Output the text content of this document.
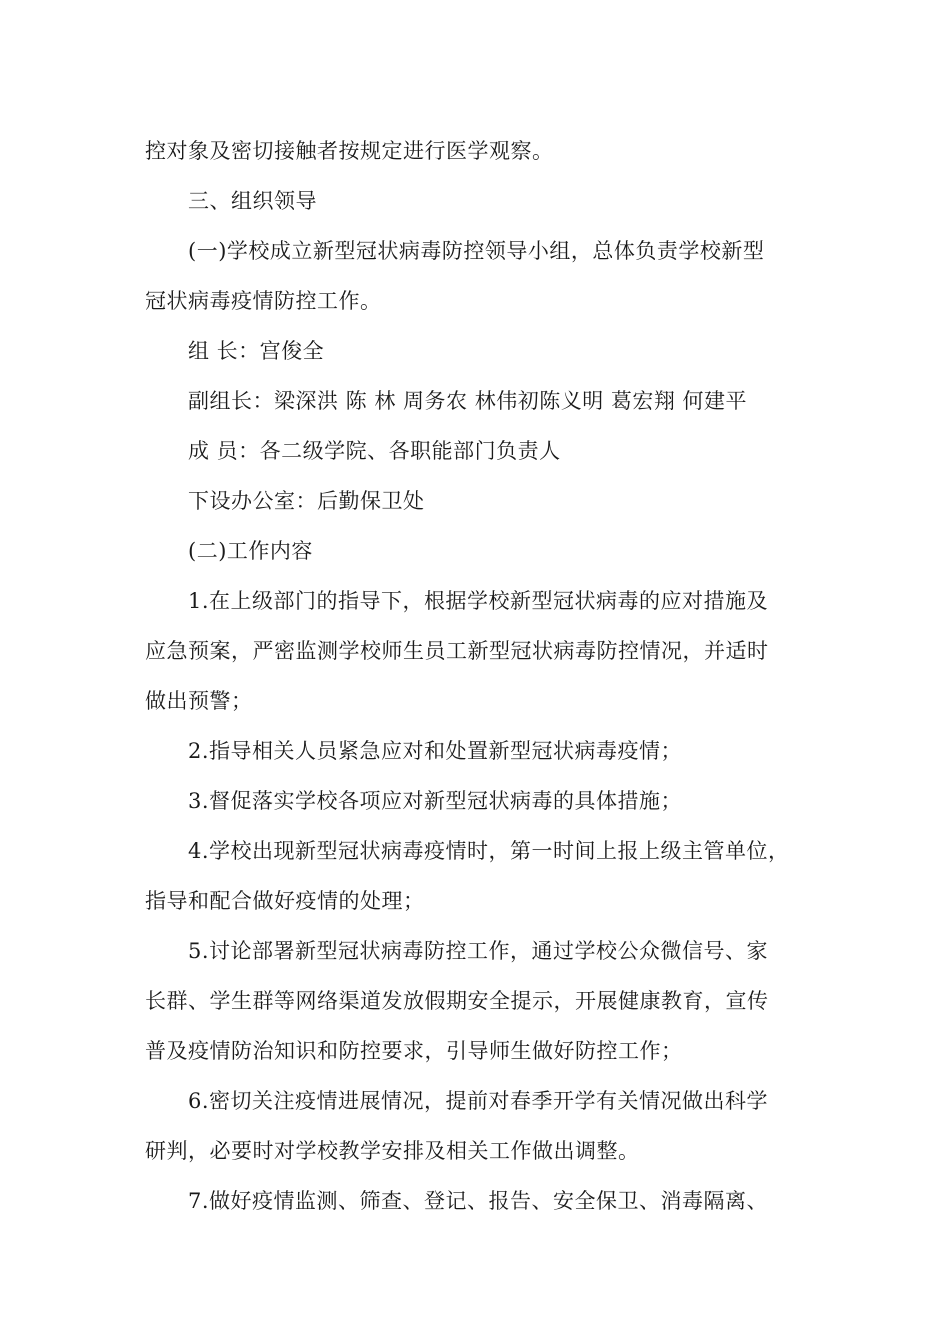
控对象及密切接触者按规定进行医学观察。
三、组织领导
(一)学校成立新型冠状病毒防控领导小组，总体负责学校新型
冠状病毒疫情防控工作。
组 长：宫俊全
副组长：梁深洪 陈 林 周务农 林伟初陈义明 葛宏翔 何建平
成 员：各二级学院、各职能部门负责人
下设办公室：后勤保卫处
(二)工作内容
1.在上级部门的指导下，根据学校新型冠状病毒的应对措施及
应急预案，严密监测学校师生员工新型冠状病毒防控情况，并适时
做出预警；
2.指导相关人员紧急应对和处置新型冠状病毒疫情；
3.督促落实学校各项应对新型冠状病毒的具体措施；
4.学校出现新型冠状病毒疫情时，第一时间上报上级主管单位，
指导和配合做好疫情的处理；
5.讨论部署新型冠状病毒防控工作，通过学校公众微信号、家
长群、学生群等网络渠道发放假期安全提示，开展健康教育，宣传
普及疫情防治知识和防控要求，引导师生做好防控工作；
6.密切关注疫情进展情况，提前对春季开学有关情况做出科学
研判，必要时对学校教学安排及相关工作做出调整。
7.做好疫情监测、筛查、登记、报告、安全保卫、消毒隔离、
